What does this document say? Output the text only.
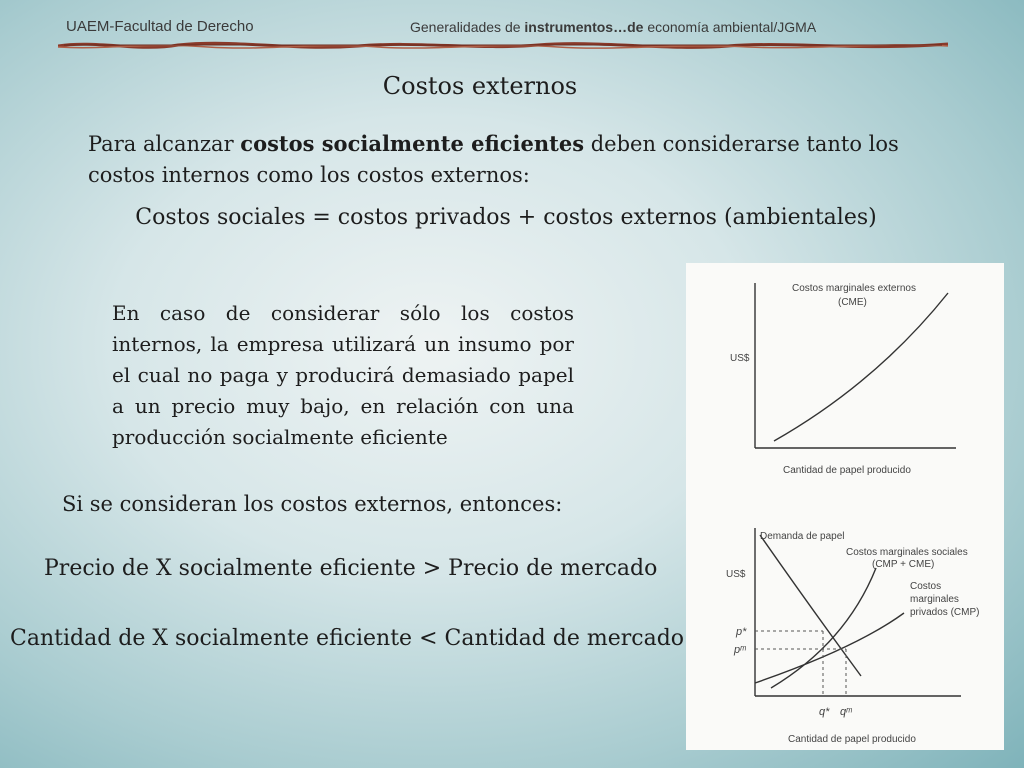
UAEM-Facultad de Derecho	Generalidades de instrumentos…de economía ambiental/JGMA
Costos externos
Para alcanzar costos socialmente eficientes deben considerarse tanto los costos internos como los costos externos:
Costos sociales = costos privados + costos externos (ambientales)
En caso de considerar sólo los costos internos, la empresa utilizará un insumo por el cual no paga y producirá demasiado papel a un precio muy bajo, en relación con una producción socialmente eficiente
Si se consideran los costos externos, entonces:
Precio de X socialmente eficiente > Precio de mercado
Cantidad de X socialmente eficiente < Cantidad de mercado
Costos marginales externos
(CME)
US$
Cantidad de papel producido
Demanda de papel
Costos marginales sociales
(CMP + CME)
Costos
marginales
privados (CMP)
US$
p*
pᵐ
q* qᵐ
Cantidad de papel producido
